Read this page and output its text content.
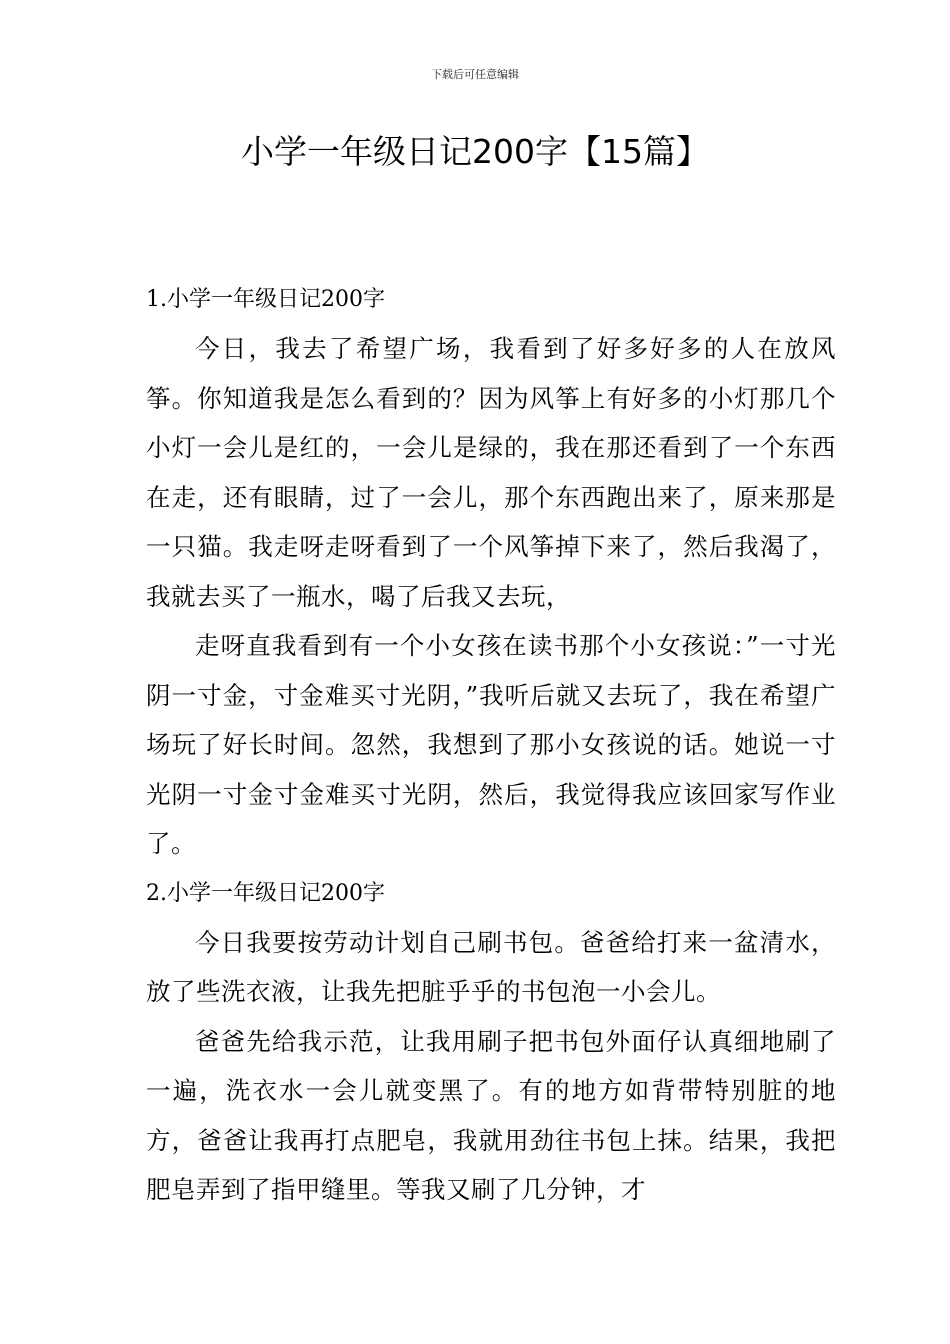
下载后可任意编辑
小学一年级日记200字【15篇】
1.小学一年级日记200字

今日，我去了希望广场，我看到了好多好多的人在放风筝。你知道我是怎么看到的？因为风筝上有好多的小灯那几个小灯一会儿是红的，一会儿是绿的，我在那还看到了一个东西在走，还有眼睛，过了一会儿，那个东西跑出来了，原来那是一只猫。我走呀走呀看到了一个风筝掉下来了，然后我渴了，我就去买了一瓶水，喝了后我又去玩，

走呀直我看到有一个小女孩在读书那个小女孩说：”一寸光阴一寸金，寸金难买寸光阴，”我听后就又去玩了，我在希望广场玩了好长时间。忽然，我想到了那小女孩说的话。她说一寸光阴一寸金寸金难买寸光阴，然后，我觉得我应该回家写作业了。

2.小学一年级日记200字

今日我要按劳动计划自己刷书包。爸爸给打来一盆清水，放了些洗衣液，让我先把脏乎乎的书包泡一小会儿。

爸爸先给我示范，让我用刷子把书包外面仔认真细地刷了一遍，洗衣水一会儿就变黑了。有的地方如背带特别脏的地方，爸爸让我再打点肥皂，我就用劲往书包上抹。结果，我把肥皂弄到了指甲缝里。等我又刷了几分钟，才
